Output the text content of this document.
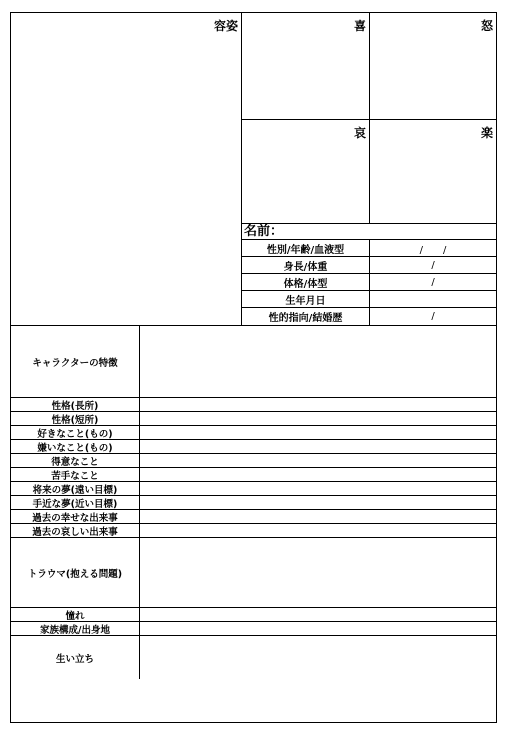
容姿	喜	怒
哀	楽
名前：
性別/年齢/血液型	/　　/
身長/体重	/
体格/体型	/
生年月日
性的指向/結婚歴	/
キャラクターの特徴
性格(長所)
性格(短所)
好きなこと(もの)
嫌いなこと(もの)
得意なこと
苦手なこと
将来の夢(遠い目標)
手近な夢(近い目標)
過去の幸せな出来事
過去の哀しい出来事
トラウマ(抱える問題)
憧れ
家族構成/出身地
生い立ち
